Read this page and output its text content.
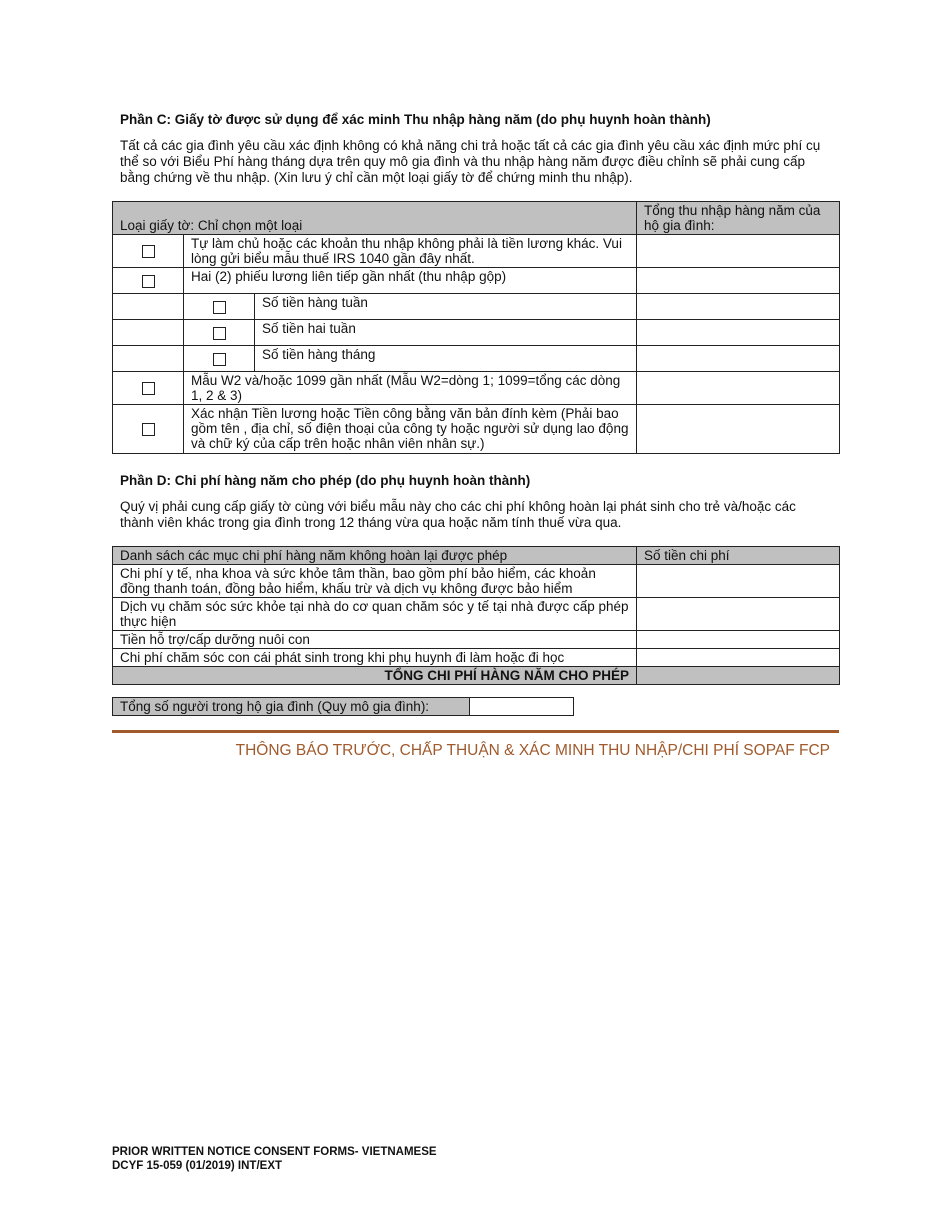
Phần C: Giấy tờ được sử dụng để xác minh Thu nhập hàng năm (do phụ huynh hoàn thành)
Tất cả các gia đình yêu cầu xác định không có khả năng chi trả hoặc tất cả các gia đình yêu cầu xác định mức phí cụ thể so với Biểu Phí hàng tháng dựa trên quy mô gia đình và thu nhập hàng năm được điều chỉnh sẽ phải cung cấp bằng chứng về thu nhập. (Xin lưu ý chỉ cần một loại giấy tờ để chứng minh thu nhập).
Loại giấy tờ: Chỉ chọn một loại			Tổng thu nhập hàng năm của hộ gia đình:
	Tự làm chủ hoặc các khoản thu nhập không phải là tiền lương khác. Vui lòng gửi biểu mẫu thuế IRS 1040 gần đây nhất.		
	Hai (2) phiếu lương liên tiếp gần nhất (thu nhập gộp)		
		Số tiền hàng tuần	
		Số tiền hai tuần	
		Số tiền hàng tháng	
	Mẫu W2 và/hoặc 1099 gần nhất (Mẫu W2=dòng 1; 1099=tổng các dòng 1, 2 & 3)		
	Xác nhận Tiền lương hoặc Tiền công bằng văn bản đính kèm (Phải bao gồm tên , địa chỉ, số điện thoại của công ty hoặc người sử dụng lao động và chữ ký của cấp trên hoặc nhân viên nhân sự.)		
Phần D: Chi phí hàng năm cho phép (do phụ huynh hoàn thành)
Quý vị phải cung cấp giấy tờ cùng với biểu mẫu này cho các chi phí không hoàn lại phát sinh cho trẻ và/hoặc các thành viên khác trong gia đình trong 12 tháng vừa qua hoặc năm tính thuế vừa qua.
Danh sách các mục chi phí hàng năm không hoàn lại được phép	Số tiền chi phí
Chi phí y tế, nha khoa và sức khỏe tâm thần, bao gồm phí bảo hiểm, các khoản đồng thanh toán, đồng bảo hiểm, khấu trừ và dịch vụ không được bảo hiểm	
Dịch vụ chăm sóc sức khỏe tại nhà do cơ quan chăm sóc y tế tại nhà được cấp phép thực hiện	
Tiền hỗ trợ/cấp dưỡng nuôi con	
Chi phí chăm sóc con cái phát sinh trong khi phụ huynh đi làm hoặc đi học	
TỔNG CHI PHÍ HÀNG NĂM CHO PHÉP	
Tổng số người trong hộ gia đình (Quy mô gia đình):	
THÔNG BÁO TRƯỚC, CHẤP THUẬN & XÁC MINH THU NHẬP/CHI PHÍ SOPAF FCP
PRIOR WRITTEN NOTICE CONSENT FORMS- VIETNAMESE
DCYF 15-059 (01/2019) INT/EXT
